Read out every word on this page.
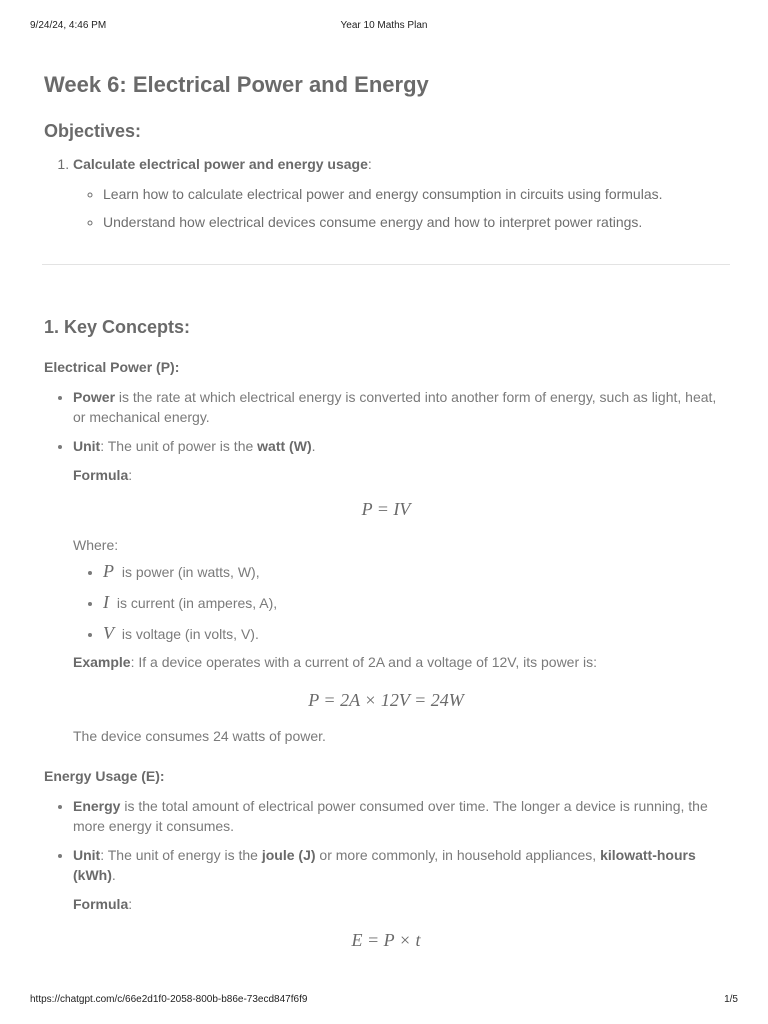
9/24/24, 4:46 PM	Year 10 Maths Plan
Week 6: Electrical Power and Energy
Objectives:
1. Calculate electrical power and energy usage:
◦ Learn how to calculate electrical power and energy consumption in circuits using formulas.
◦ Understand how electrical devices consume energy and how to interpret power ratings.
1. Key Concepts:
Electrical Power (P):
• Power is the rate at which electrical energy is converted into another form of energy, such as light, heat, or mechanical energy.
• Unit: The unit of power is the watt (W).
Formula:
P = IV
Where:
• P is power (in watts, W),
• I is current (in amperes, A),
• V is voltage (in volts, V).
Example: If a device operates with a current of 2A and a voltage of 12V, its power is:
P = 2A × 12V = 24W
The device consumes 24 watts of power.
Energy Usage (E):
• Energy is the total amount of electrical power consumed over time. The longer a device is running, the more energy it consumes.
• Unit: The unit of energy is the joule (J) or more commonly, in household appliances, kilowatt-hours (kWh).
Formula:
E = P × t
https://chatgpt.com/c/66e2d1f0-2058-800b-b86e-73ecd847f6f9	1/5
